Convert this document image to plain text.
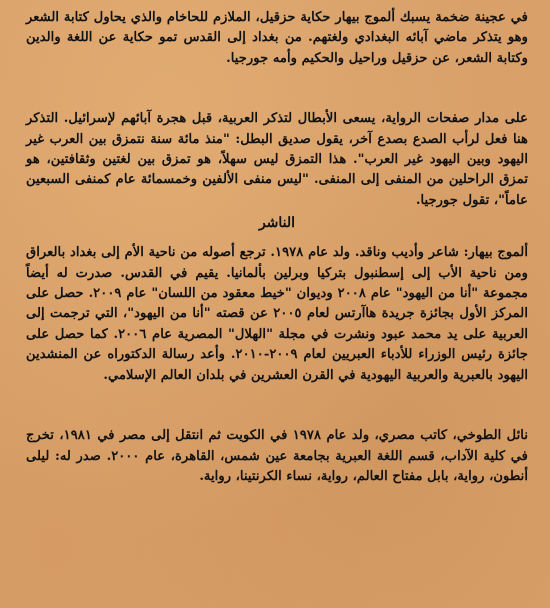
في عجينة ضخمة يسبك ألموج بيهار حكاية حزقيل، الملازم للحاخام والذي يحاول كتابة الشعر وهو يتذكر ماضي آبائه البغدادي ولغتهم. من بغداد إلى القدس تمو حكاية عن اللغة والدين وكتابة الشعر، عن حزقيل وراحيل والحكيم وأمه جورجيا.

على مدار صفحات الرواية، يسعى الأبطال لتذكر العربية، قبل هجرة آبائهم لإسرائيل. التذكر هنا فعل لرأب الصدع بصدع آخر، يقول صديق البطل: "منذ مائة سنة نتمزق بين العرب غير اليهود وبين اليهود غير العرب". هذا التمزق ليس سهلاً، هو تمزق بين لغتين وثقافتين، هو تمزق الراحلين من المنفى إلى المنفى. "ليس منفى الألفين وخمسمائة عام كمنفى السبعين عاماً"، تقول جورجيا.

الناشر

ألموج بيهار: شاعر وأديب وناقد. ولد عام ١٩٧٨. ترجع أصوله من ناحية الأم إلى بغداد بالعراق ومن ناحية الأب إلى إسطنبول بتركيا وبرلين بألمانيا. يقيم في القدس. صدرت له أيضاً مجموعة "أنا من اليهود" عام ٢٠٠٨ وديوان "خيط معقود من اللسان" عام ٢٠٠٩. حصل على المركز الأول بجائزة جريدة هاآرتس لعام ٢٠٠٥ عن قصته "أنا من اليهود"، التي ترجمت إلى العربية على يد محمد عبود ونشرت في مجلة "الهلال" المصرية عام ٢٠٠٦. كما حصل على جائزة رئيس الوزراء للأدباء العبريين لعام ٢٠٠٩-٢٠١٠. وأعد رسالة الدكتوراه عن المنشدين اليهود بالعبرية والعربية اليهودية في القرن العشرين في بلدان العالم الإسلامي.

نائل الطوخي، كاتب مصري، ولد عام ١٩٧٨ في الكويت ثم انتقل إلى مصر في ١٩٨١، تخرج في كلية الآداب، قسم اللغة العبرية بجامعة عين شمس، القاهرة، عام ٢٠٠٠. صدر له: ليلى أنطون، رواية، بابل مفتاح العالم، رواية، نساء الكرنتينا، رواية.
